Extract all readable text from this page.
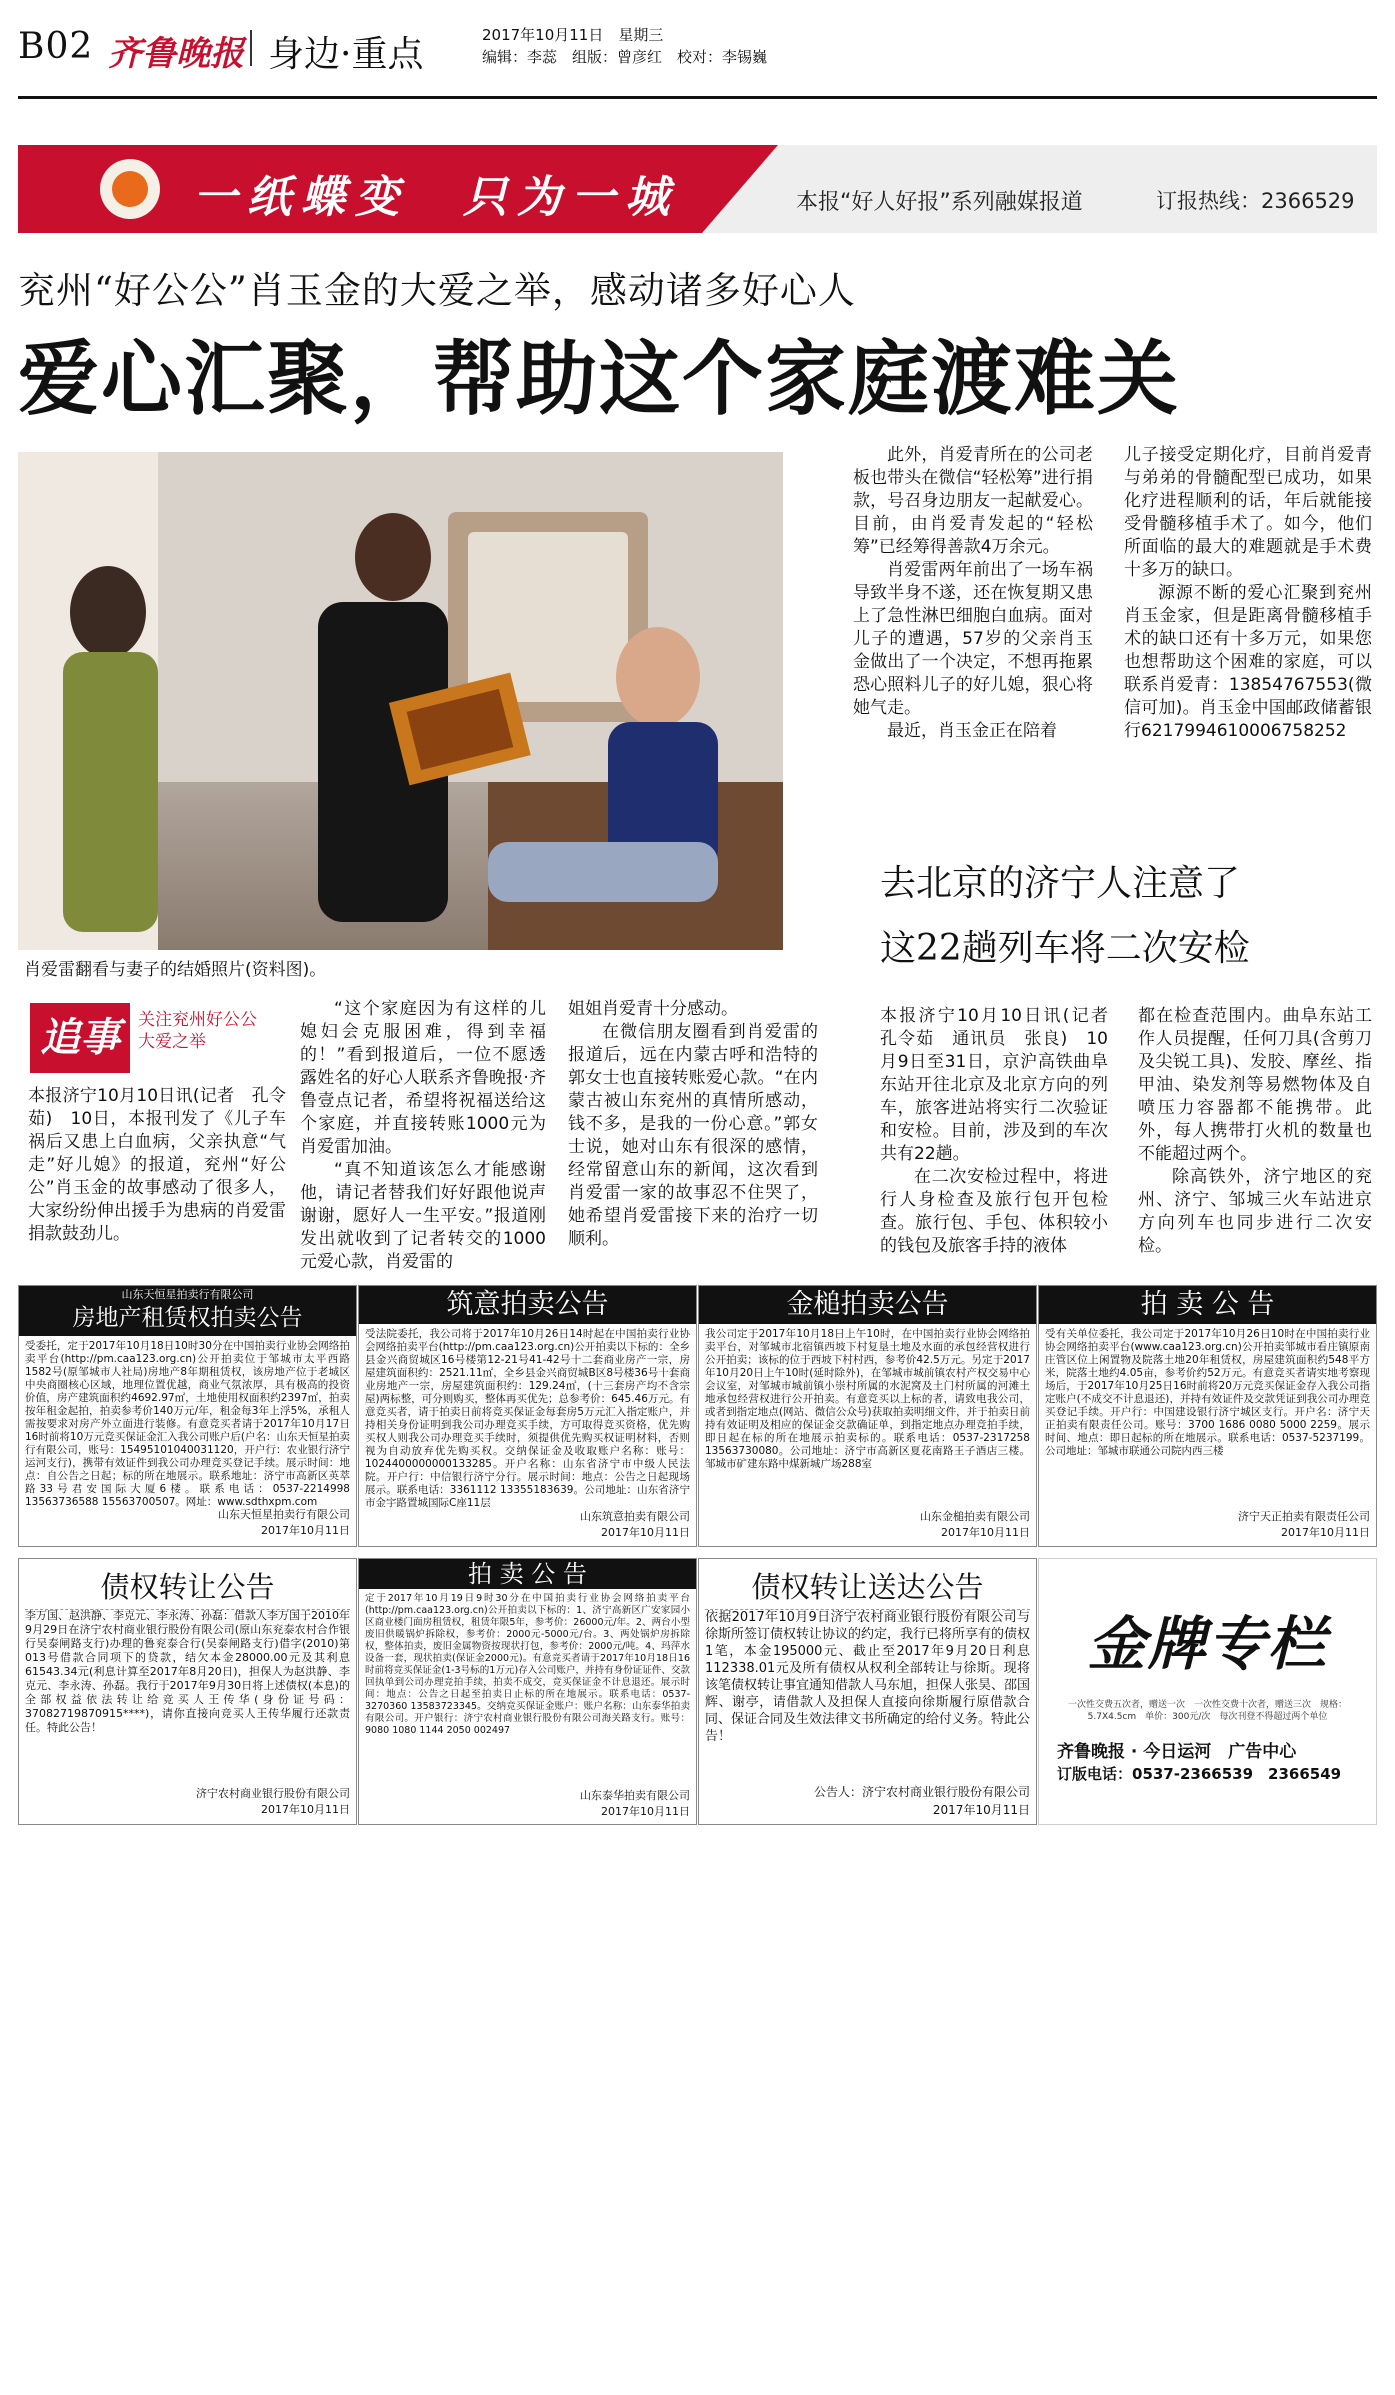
B02 齐鲁晚报 身边·重点	2017年10月11日　星期三
编辑：李蕊　组版：曾彦红　校对：李锡巍
一纸蝶变　只为一城	本报“好人好报”系列融媒报道	订报热线：2366529
兖州“好公公”肖玉金的大爱之举，感动诸多好心人
爱心汇聚，帮助这个家庭渡难关
肖爱雷翻看与妻子的结婚照片(资料图)。
追事	关注兖州好公公
大爱之举

本报济宁10月10日讯(记者　孔令茹)　10日，本报刊发了《儿子车祸后又患上白血病，父亲执意“气走”好儿媳》的报道，兖州“好公公”肖玉金的故事感动了很多人，大家纷纷伸出援手为患病的肖爱雷捐款鼓劲儿。

“这个家庭因为有这样的儿媳妇会克服困难，得到幸福的！”看到报道后，一位不愿透露姓名的好心人联系齐鲁晚报·齐鲁壹点记者，希望将祝福送给这个家庭，并直接转账1000元为肖爱雷加油。

“真不知道该怎么才能感谢他，请记者替我们好好跟他说声谢谢，愿好人一生平安。”报道刚发出就收到了记者转交的1000元爱心款，肖爱雷的

姐姐肖爱青十分感动。

在微信朋友圈看到肖爱雷的报道后，远在内蒙古呼和浩特的郭女士也直接转账爱心款。“在内蒙古被山东兖州的真情所感动，钱不多，是我的一份心意。”郭女士说，她对山东有很深的感情，经常留意山东的新闻，这次看到肖爱雷一家的故事忍不住哭了，她希望肖爱雷接下来的治疗一切顺利。

此外，肖爱青所在的公司老板也带头在微信“轻松筹”进行捐款，号召身边朋友一起献爱心。目前，由肖爱青发起的“轻松筹”已经筹得善款4万余元。

肖爱雷两年前出了一场车祸导致半身不遂，还在恢复期又患上了急性淋巴细胞白血病。面对儿子的遭遇，57岁的父亲肖玉金做出了一个决定，不想再拖累恐心照料儿子的好儿媳，狠心将她气走。

最近，肖玉金正在陪着

儿子接受定期化疗，目前肖爱青与弟弟的骨髓配型已成功，如果化疗进程顺利的话，年后就能接受骨髓移植手术了。如今，他们所面临的最大的难题就是手术费十多万的缺口。

源源不断的爱心汇聚到兖州肖玉金家，但是距离骨髓移植手术的缺口还有十多万元，如果您也想帮助这个困难的家庭，可以联系肖爱青：13854767553(微信可加)。肖玉金中国邮政储蓄银行6217994610006758252

去北京的济宁人注意了
这22趟列车将二次安检

本报济宁10月10日讯(记者　孔令茹　通讯员　张良)　10月9日至31日，京沪高铁曲阜东站开往北京及北京方向的列车，旅客进站将实行二次验证和安检。目前，涉及到的车次共有22趟。

在二次安检过程中，将进行人身检查及旅行包开包检查。旅行包、手包、体积较小的钱包及旅客手持的液体

都在检查范围内。曲阜东站工作人员提醒，任何刀具(含剪刀及尖锐工具)、发胶、摩丝、指甲油、染发剂等易燃物体及自喷压力容器都不能携带。此外，每人携带打火机的数量也不能超过两个。

除高铁外，济宁地区的兖州、济宁、邹城三火车站进京方向列车也同步进行二次安检。

山东天恒星拍卖行有限公司
房地产租赁权拍卖公告
受委托，定于2017年10月18日10时30分在中国拍卖行业协会网络拍卖平台(http://pm.caa123.org.cn)公开拍卖位于邹城市太平西路1582号(原邹城市人社局)房地产8年期租赁权，该房地产位于老城区中央商圈核心区域，地理位置优越，商业气氛浓厚，具有极高的投资价值，房产建筑面积约4692.97㎡，土地使用权面积约2397㎡，拍卖按年租金起拍，拍卖参考价140万元/年，租金每3年上浮5%，承租人需按要求对房产外立面进行装修。有意竞买者请于2017年10月17日16时前将10万元竞买保证金汇入我公司账户后(户名：山东天恒星拍卖行有限公司，账号：15495101040031120，开户行：农业银行济宁运河支行)，携带有效证件到我公司办理竞买登记手续。展示时间：地点：自公告之日起；标的所在地展示。联系地址：济宁市高新区英萃路33号君安国际大厦6楼。联系电话：0537-2214998 13563736588 15563700507。网址：www.sdthxpm.com
山东天恒星拍卖行有限公司
2017年10月11日
筑意拍卖公告
受法院委托，我公司将于2017年10月26日14时起在中国拍卖行业协会网络拍卖平台(http://pm.caa123.org.cn)公开拍卖以下标的：全乡县金兴商贸城区16号楼第12-21号41-42号十二套商业房产一宗，房屋建筑面积约：2521.11㎡，全乡县金兴商贸城B区8号楼36号十套商业房地产一宗，房屋建筑面积约：129.24㎡，(十三套房产均不含宗屋)两标整，可分则购买，整体再买优先；总参考价：645.46万元。有意竞买者，请于拍卖日前将竞买保证金每套房5万元汇入指定账户，并持相关身份证明到我公司办理竞买手续，方可取得竞买资格，优先购买权人则我公司办理竞买手续时，须提供优先购买权证明材料，否则视为自动放弃优先购买权。交纳保证金及收取账户名称：账号：1024400000000133285。开户名称：山东省济宁市中级人民法院。开户行：中信银行济宁分行。展示时间：地点：公告之日起现场展示。联系电话：3361112 13355183639。公司地址：山东省济宁市金宇路置城国际C座11层
山东筑意拍卖有限公司
2017年10月11日
金槌拍卖公告
我公司定于2017年10月18日上午10时，在中国拍卖行业协会网络拍卖平台，对邹城市北宿镇西坡下村复垦土地及水面的承包经营权进行公开拍卖；该标的位于西坡下村村西，参考价42.5万元。另定于2017年10月20日上午10时(延时除外)，在邹城市城前镇农村产权交易中心会议室，对邹城市城前镇小崇村所属的水泥窝及土门村所属的河滩土地承包经营权进行公开拍卖。有意竞买以上标的者，请致电我公司，或者到指定地点(网站、微信公众号)获取拍卖明细文件，并于拍卖日前持有效证明及相应的保证金交款确证单，到指定地点办理竞拍手续，即日起在标的所在地展示拍卖标的。联系电话：0537-2317258 13563730080。公司地址：济宁市高新区夏花南路王子酒店三楼。邹城市矿建东路中煤新城广场288室
山东金槌拍卖有限公司
2017年10月11日
拍 卖 公 告
受有关单位委托，我公司定于2017年10月26日10时在中国拍卖行业协会网络拍卖平台(www.caa123.org.cn)公开拍卖邹城市看庄镇原南庄管区位上闲置物及院落土地20年租赁权，房屋建筑面积约548平方米，院落土地约4.05亩，参考价约52万元。有意竞买者请实地考察现场后，于2017年10月25日16时前将20万元竞买保证金存入我公司指定账户(不成交不计息退还)，并持有效证件及交款凭证到我公司办理竞买登记手续。开户行：中国建设银行济宁城区支行。开户名：济宁天正拍卖有限责任公司。账号：3700 1686 0080 5000 2259。展示时间、地点：即日起标的所在地展示。联系电话：0537-5237199。公司地址：邹城市联通公司院内西三楼
济宁天正拍卖有限责任公司
2017年10月11日
债权转让公告
李万国、赵洪静、李克元、李永涛、孙磊：借款人李万国于2010年9月29日在济宁农村商业银行股份有限公司(原山东兖泰农村合作银行吴泰闸路支行)办理的鲁兖泰合行(吴泰闸路支行)借字(2010)第013号借款合同项下的贷款，结欠本金28000.00元及其利息61543.34元(利息计算至2017年8月20日)，担保人为赵洪静、李克元、李永涛、孙磊。我行于2017年9月30日将上述债权(本息)的全部权益依法转让给竞买人王传华(身份证号码：37082719870915****)，请你直接向竞买人王传华履行还款责任。特此公告！
济宁农村商业银行股份有限公司
2017年10月11日
拍 卖 公 告
定于2017年10月19日9时30分在中国拍卖行业协会网络拍卖平台(http://pm.caa123.org.cn)公开拍卖以下标的：1、济宁高新区广安家园小区商业楼门面房租赁权，租赁年限5年，参考价：26000元/年。2、两台小型废旧供暖锅炉拆除权，参考价：2000元-5000元/台。3、两处锅炉房拆除权，整体拍卖，废旧金属物资按现状打包，参考价：2000元/吨。4、玛萍水设备一套，现状拍卖(保证金2000元)。有意竞买者请于2017年10月18日16时前将竞买保证金(1-3号标的1万元)存入公司账户，并持有身份证证件、交款回执单到公司办理竞拍手续，拍卖不成交，竞买保证金不计息退还。展示时间：地点：公告之日起至拍卖日止标的所在地展示。联系电话：0537-3270360 13583723345。交纳竞买保证金账户：账户名称：山东泰华拍卖有限公司。开户银行：济宁农村商业银行股份有限公司海关路支行。账号：9080 1080 1144 2050 002497
山东泰华拍卖有限公司
2017年10月11日
债权转让送达公告
依据2017年10月9日济宁农村商业银行股份有限公司与徐斯所签订债权转让协议的约定，我行已将所享有的债权1笔，本金195000元、截止至2017年9月20日利息112338.01元及所有债权从权利全部转让与徐斯。现将该笔债权转让事宜通知借款人马东旭，担保人张昊、邵国辉、谢亭，请借款人及担保人直接向徐斯履行原借款合同、保证合同及生效法律文书所确定的给付义务。特此公告！
公告人：济宁农村商业银行股份有限公司
2017年10月11日
金牌专栏
一次性交费五次者，赠送一次　一次性交费十次者，赠送三次　规格：5.7X4.5cm　单价：300元/次　每次刊登不得超过两个单位
齐鲁晚报 · 今日运河　广告中心
订版电话：0537-2366539　2366549
